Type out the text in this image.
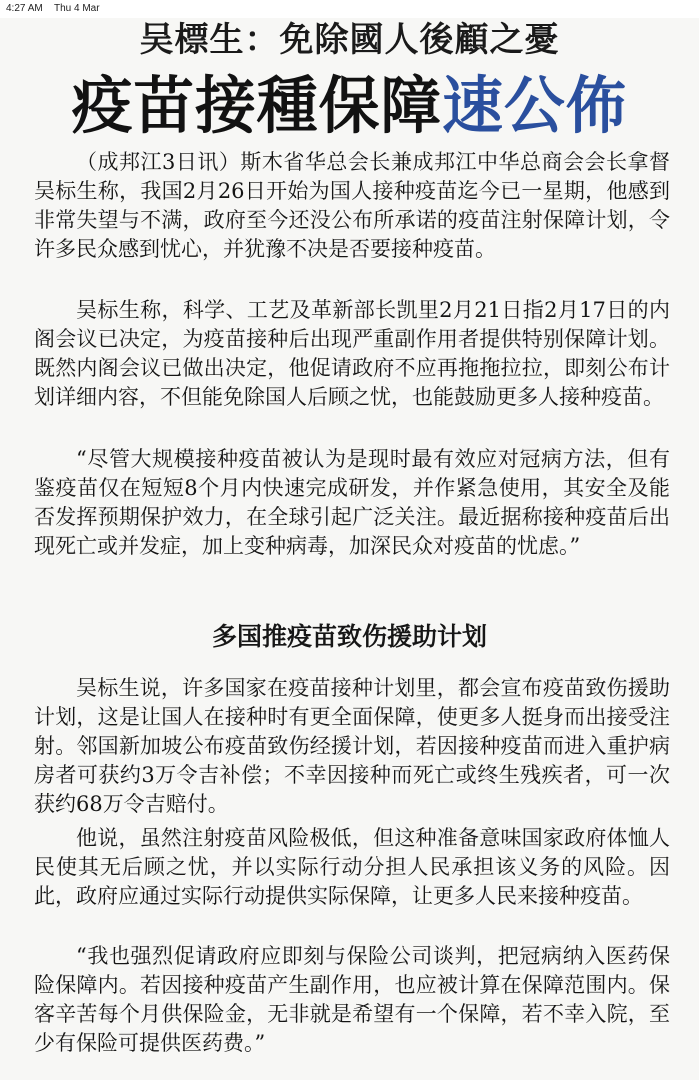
4:27 AM Thu 4 Mar
吴標生：免除國人後顧之憂
疫苗接種保障速公佈

（成邦江3日讯）斯木省华总会长兼成邦江中华总商会会长拿督吴标生称，我国2月26日开始为国人接种疫苗迄今已一星期，他感到非常失望与不满，政府至今还没公布所承诺的疫苗注射保障计划，令许多民众感到忧心，并犹豫不决是否要接种疫苗。

吴标生称，科学、工艺及革新部长凯里2月21日指2月17日的内阁会议已决定，为疫苗接种后出现严重副作用者提供特别保障计划。既然内阁会议已做出决定，他促请政府不应再拖拖拉拉，即刻公布计划详细内容，不但能免除国人后顾之忧，也能鼓励更多人接种疫苗。

“尽管大规模接种疫苗被认为是现时最有效应对冠病方法，但有鉴疫苗仅在短短8个月内快速完成研发，并作紧急使用，其安全及能否发挥预期保护效力，在全球引起广泛关注。最近据称接种疫苗后出现死亡或并发症，加上变种病毒，加深民众对疫苗的忧虑。”

多国推疫苗致伤援助计划

吴标生说，许多国家在疫苗接种计划里，都会宣布疫苗致伤援助计划，这是让国人在接种时有更全面保障，使更多人挺身而出接受注射。邻国新加坡公布疫苗致伤经援计划，若因接种疫苗而进入重护病房者可获约3万令吉补偿；不幸因接种而死亡或终生残疾者，可一次获约68万令吉赔付。

他说，虽然注射疫苗风险极低，但这种准备意味国家政府体恤人民使其无后顾之忧，并以实际行动分担人民承担该义务的风险。因此，政府应通过实际行动提供实际保障，让更多人民来接种疫苗。

“我也强烈促请政府应即刻与保险公司谈判，把冠病纳入医药保险保障内。若因接种疫苗产生副作用，也应被计算在保障范围内。保客辛苦每个月供保险金，无非就是希望有一个保障，若不幸入院，至少有保险可提供医药费。”
